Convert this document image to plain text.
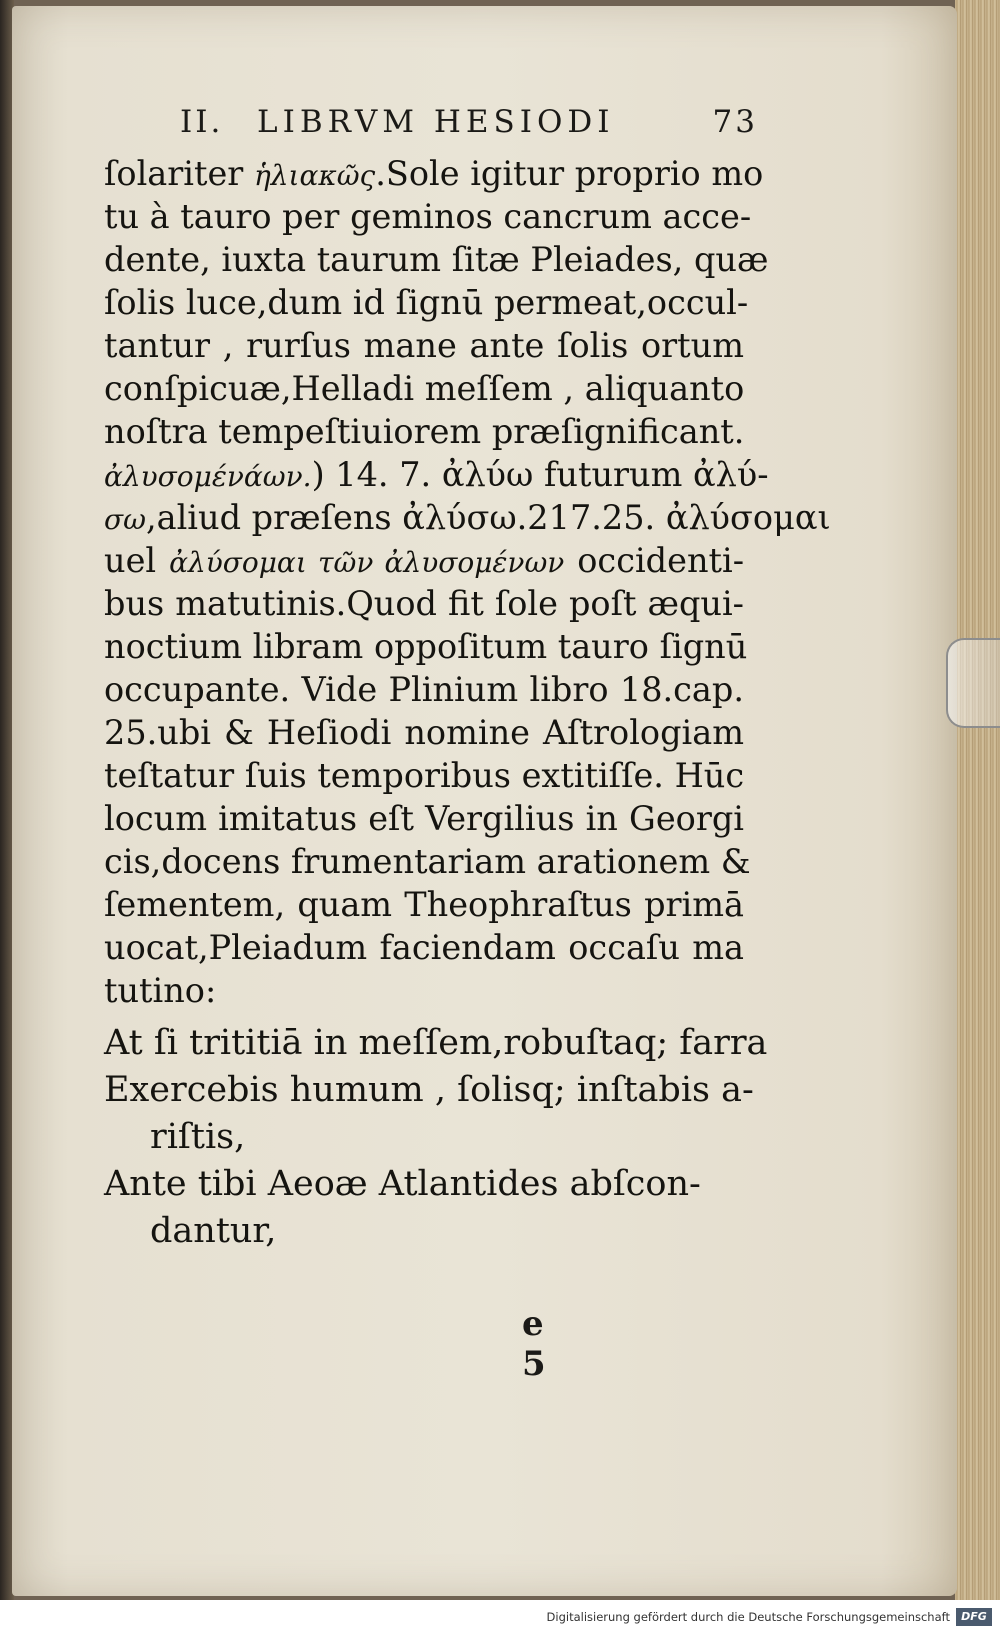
II. LIBRVM HESIODI	73
ſolariter ἡλιακῶς.Sole igitur proprio mo
tu à tauro per geminos cancrum acce-
dente, iuxta taurum ſitæ Pleiades, quæ
ſolis luce,dum id ſignū permeat,occul-
tantur , rurſus mane ante ſolis ortum
conſpicuæ,Helladi meſſem , aliquanto
noſtra tempeſtiuiorem præſignificant.
ἀλυσομένάων.) 14. 7. ἀλύω futurum ἀλύ-
σω,aliud præſens ἀλύσω.217.25. ἀλύσομαι
uel ἀλύσομαι τῶν ἀλυσομένων occidenti-
bus matutinis.Quod fit ſole poſt æqui-
noctium libram oppoſitum tauro ſignū
occupante. Vide Plinium libro 18.cap.
25.ubi & Heſiodi nomine Aſtrologiam
teſtatur ſuis temporibus extitiſſe. Hūc
locum imitatus eſt Vergilius in Georgi
cis,docens frumentariam arationem &
ſementem, quam Theophraſtus primā
uocat,Pleiadum faciendam occaſu ma
tutino:
At ſi trititiā in meſſem,robuſtaq; farra
Exercebis humum , ſolisq; inſtabis a-
riſtis,
Ante tibi Aeoæ Atlantides abſcon-
dantur,
e 5
Digitalisierung gefördert durch die Deutsche Forschungsgemeinschaft	DFG
